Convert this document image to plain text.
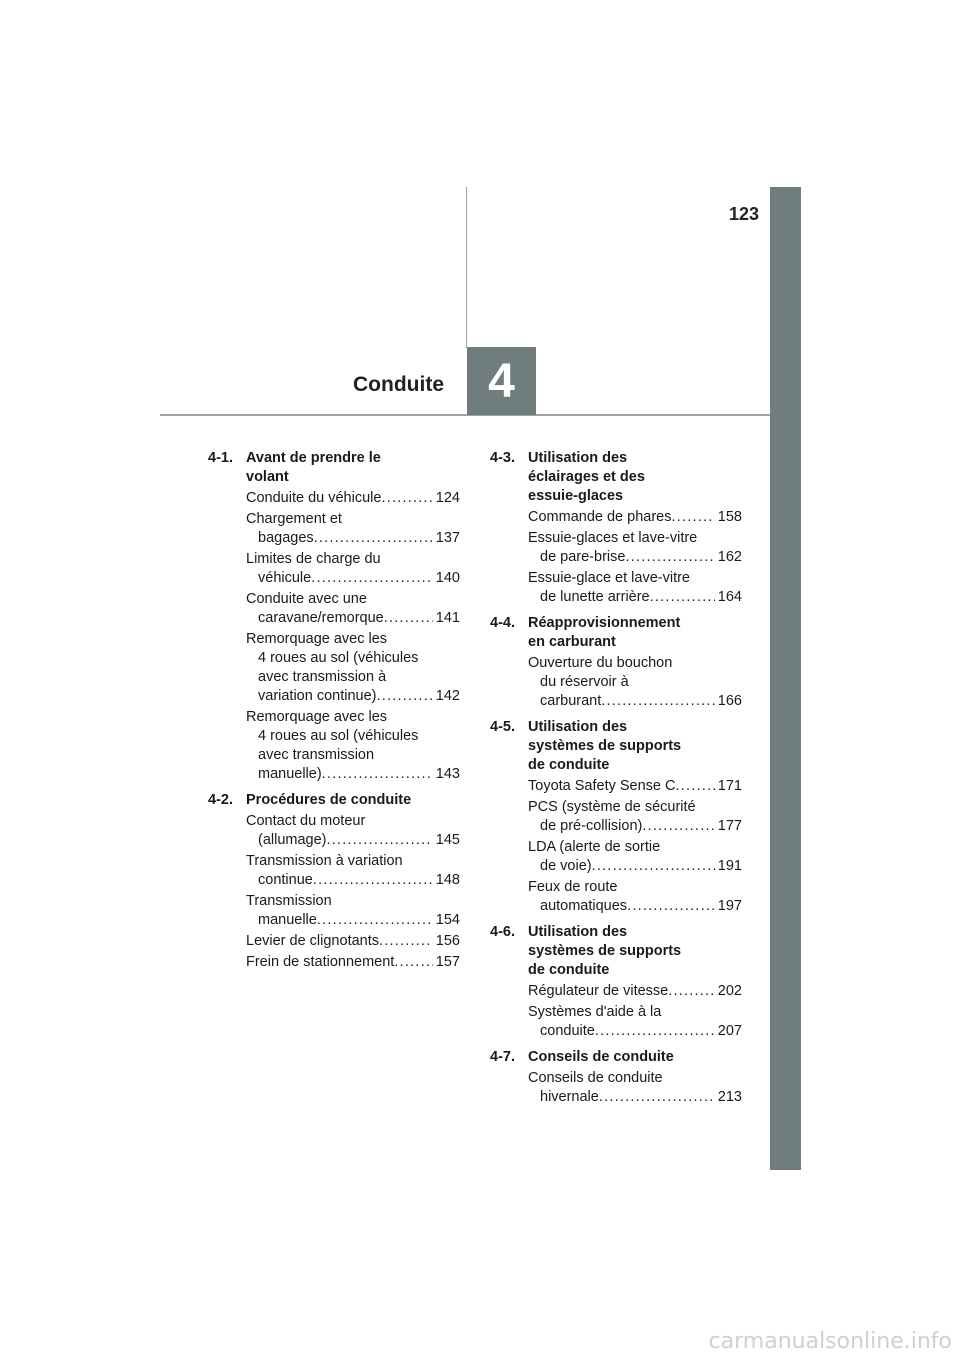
123
4
Conduite
4-1. Avant de prendre le
volant
Conduite du véhicule . . .	124
Chargement et
bagages . . .	137
Limites de charge du
véhicule . . .	140
Conduite avec une
caravane/remorque . . .	141
Remorquage avec les
4 roues au sol (véhicules
avec transmission à
variation continue) . . .	142
Remorquage avec les
4 roues au sol (véhicules
avec transmission
manuelle) . . .	143
4-2. Procédures de conduite
Contact du moteur
(allumage) . . .	145
Transmission à variation
continue . . .	148
Transmission
manuelle . . .	154
Levier de clignotants . . .	156
Frein de stationnement . . .	157
4-3. Utilisation des
éclairages et des
essuie-glaces
Commande de phares . . .	158
Essuie-glaces et lave-vitre
de pare-brise . . .	162
Essuie-glace et lave-vitre
de lunette arrière . . .	164
4-4. Réapprovisionnement
en carburant
Ouverture du bouchon
du réservoir à
carburant . . .	166
4-5. Utilisation des
systèmes de supports
de conduite
Toyota Safety Sense C . . .	171
PCS (système de sécurité
de pré-collision) . . .	177
LDA (alerte de sortie
de voie) . . .	191
Feux de route
automatiques . . .	197
4-6. Utilisation des
systèmes de supports
de conduite
Régulateur de vitesse . . .	202
Systèmes d'aide à la
conduite . . .	207
4-7. Conseils de conduite
Conseils de conduite
hivernale . . .	213
carmanualsonline.info
